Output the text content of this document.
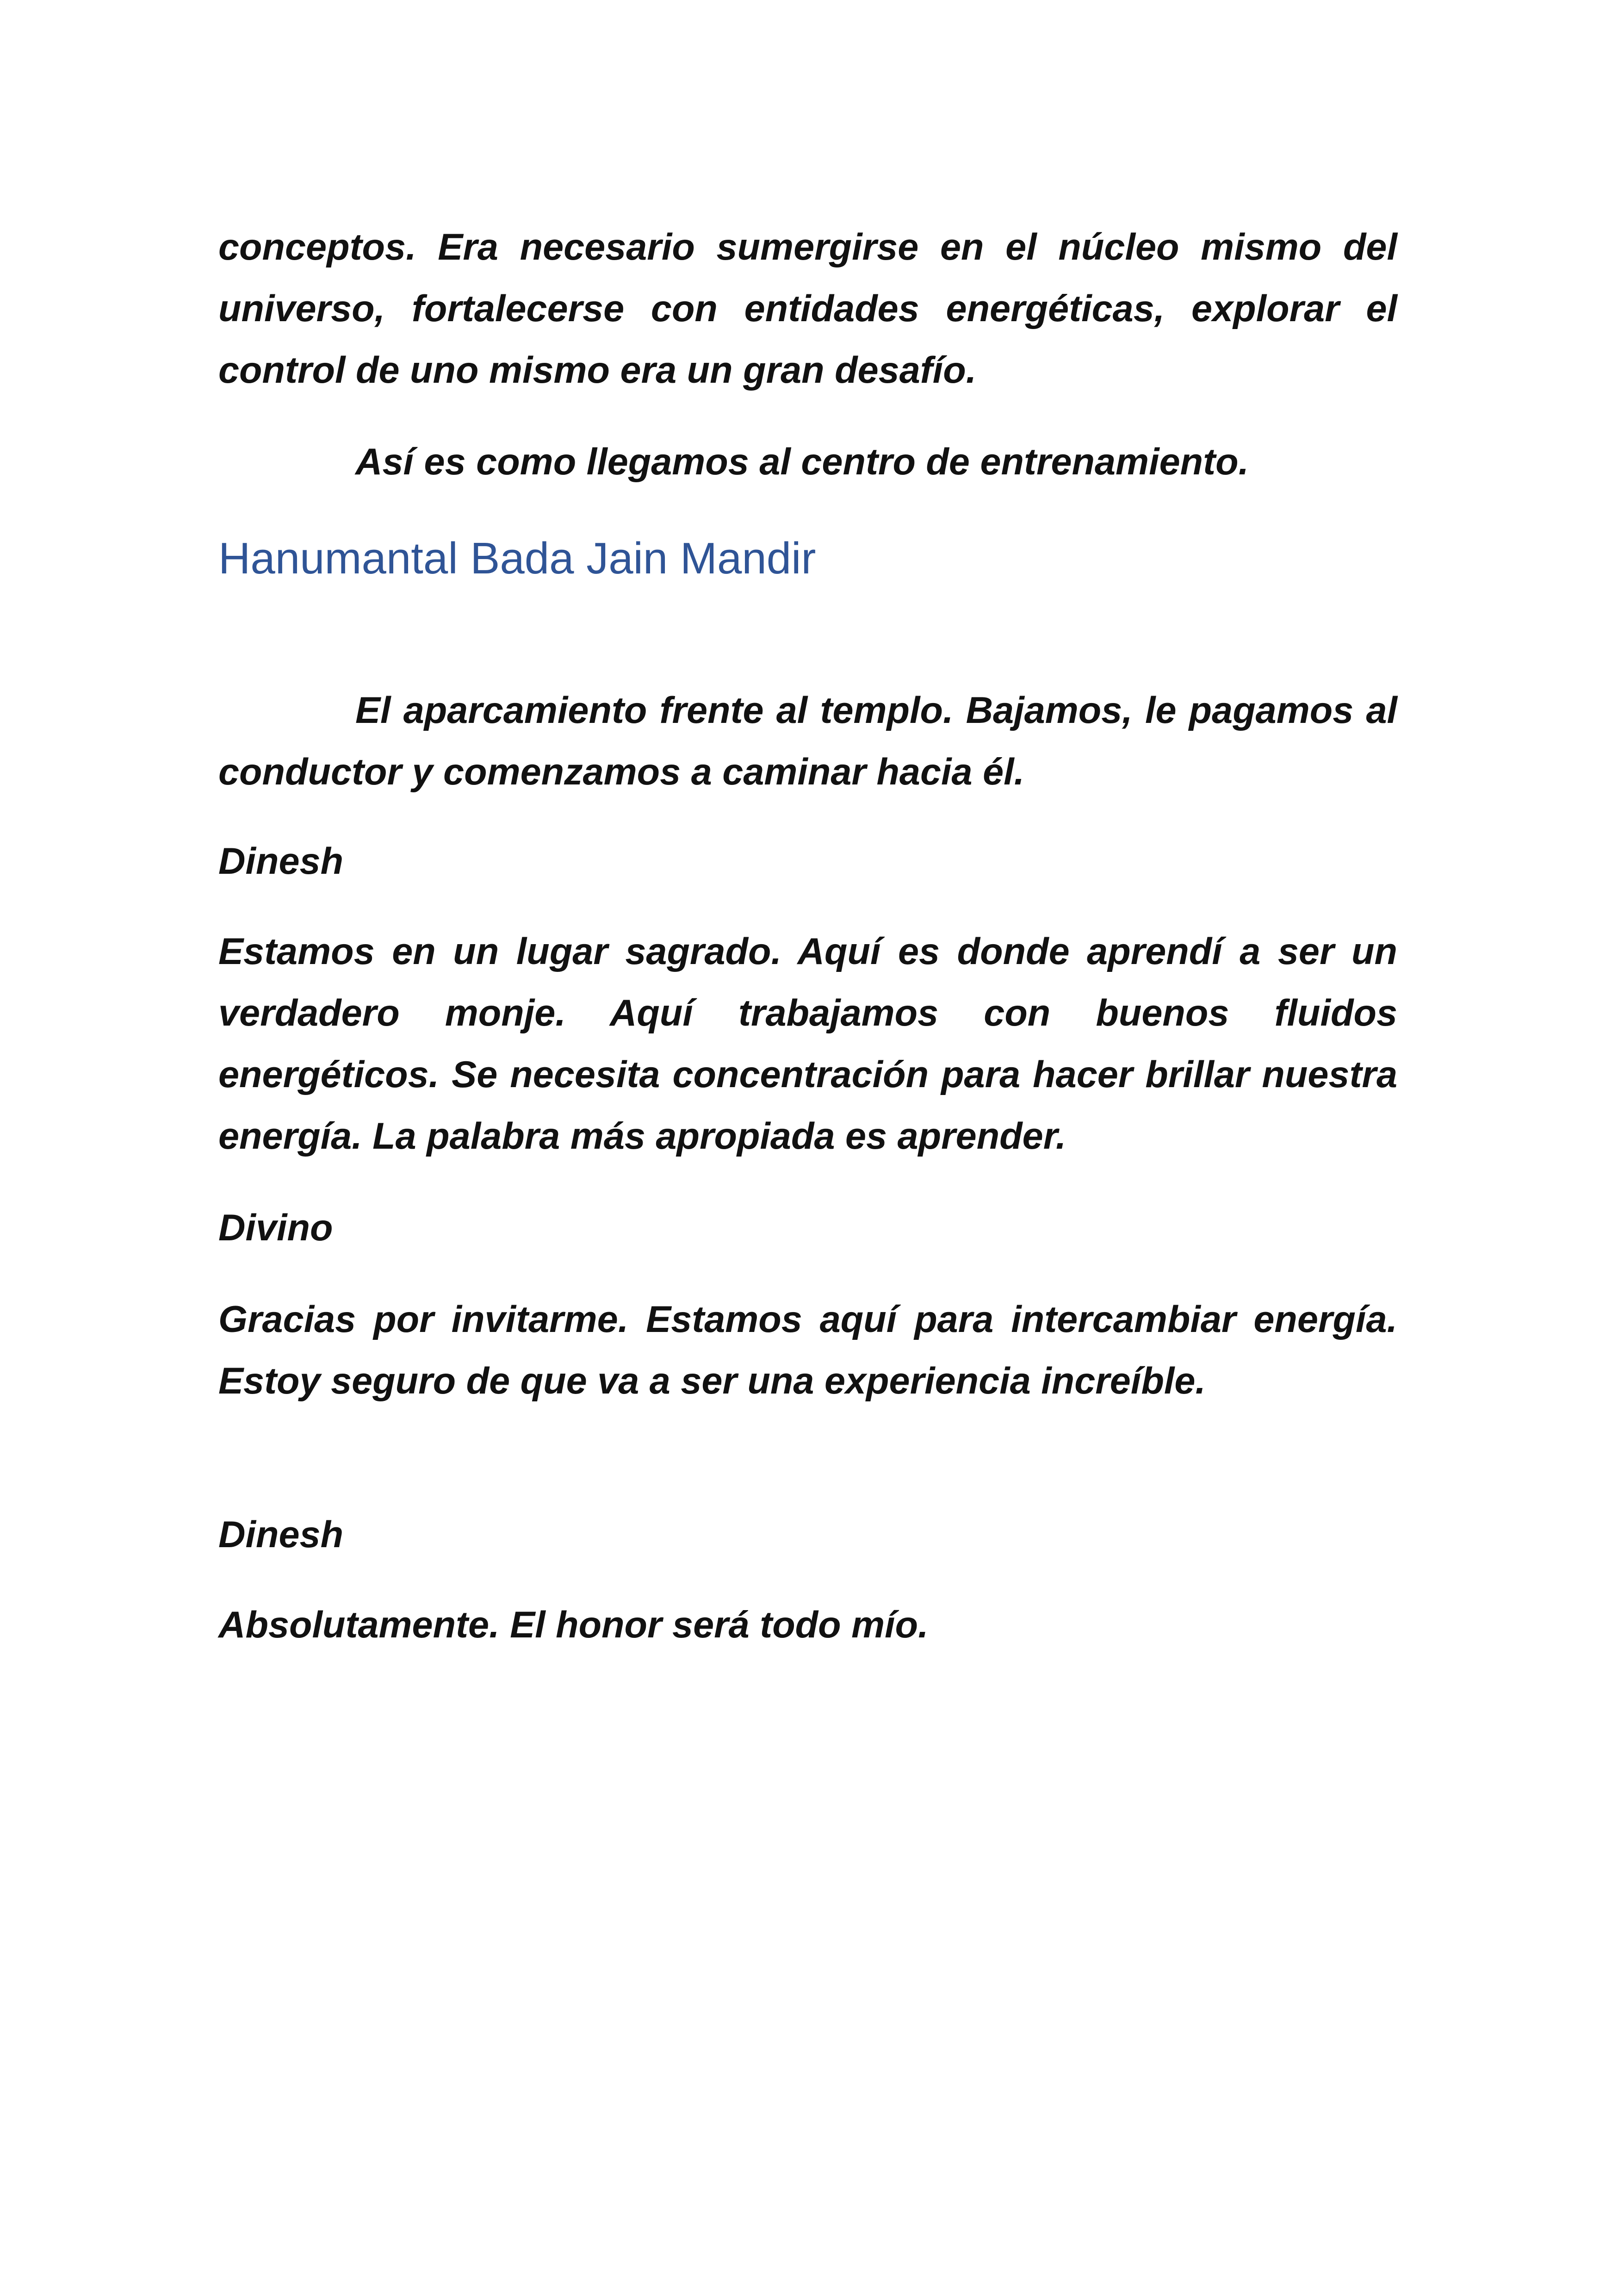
conceptos. Era necesario sumergirse en el núcleo mismo del universo, fortalecerse con entidades energéticas, explorar el control de uno mismo era un gran desafío.

Así es como llegamos al centro de entrenamiento.

Hanumantal Bada Jain Mandir

El aparcamiento frente al templo. Bajamos, le pagamos al conductor y comenzamos a caminar hacia él.

Dinesh

Estamos en un lugar sagrado. Aquí es donde aprendí a ser un verdadero monje. Aquí trabajamos con buenos fluidos energéticos. Se necesita concentración para hacer brillar nuestra energía. La palabra más apropiada es aprender.

Divino

Gracias por invitarme. Estamos aquí para intercambiar energía. Estoy seguro de que va a ser una experiencia increíble.

Dinesh

Absolutamente. El honor será todo mío.
